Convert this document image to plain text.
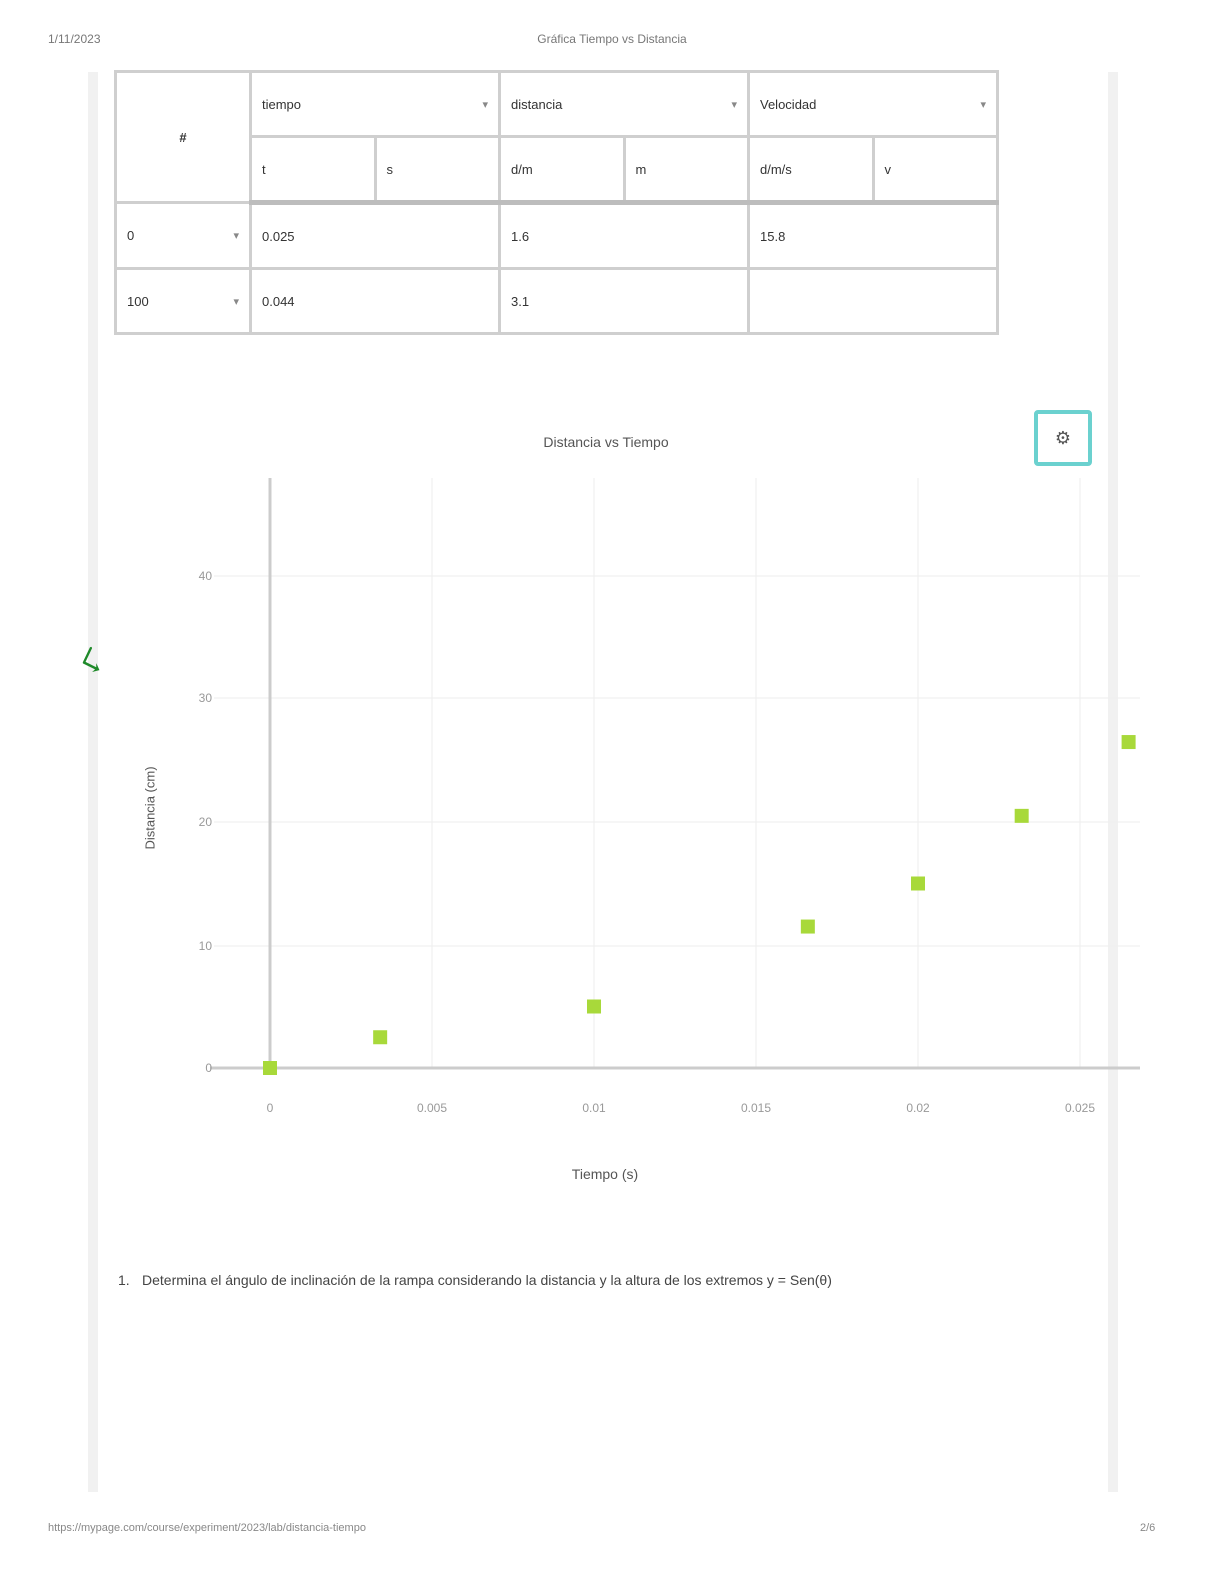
1/11/2023	Gráfica Tiempo vs Distancia
#	tiempo ▾		distancia ▾		Velocidad ▾	

	t	s	d/m	m	d/m/s	v

0 ▾	0.025		1.6		15.8	

100 ▾	0.044		3.1			
Distancia vs Tiempo	⚙
0	0.005	0.01	0.015	0.02	0.025
0
10
20
30
40
Distancia (cm)
Tiempo (s)
☇
1. Determina el ángulo de inclinación de la rampa considerando la distancia y la altura de los extremos y = Sen(θ)
https://mypage.com/course/experiment/2023/lab/distancia-tiempo	2/6
